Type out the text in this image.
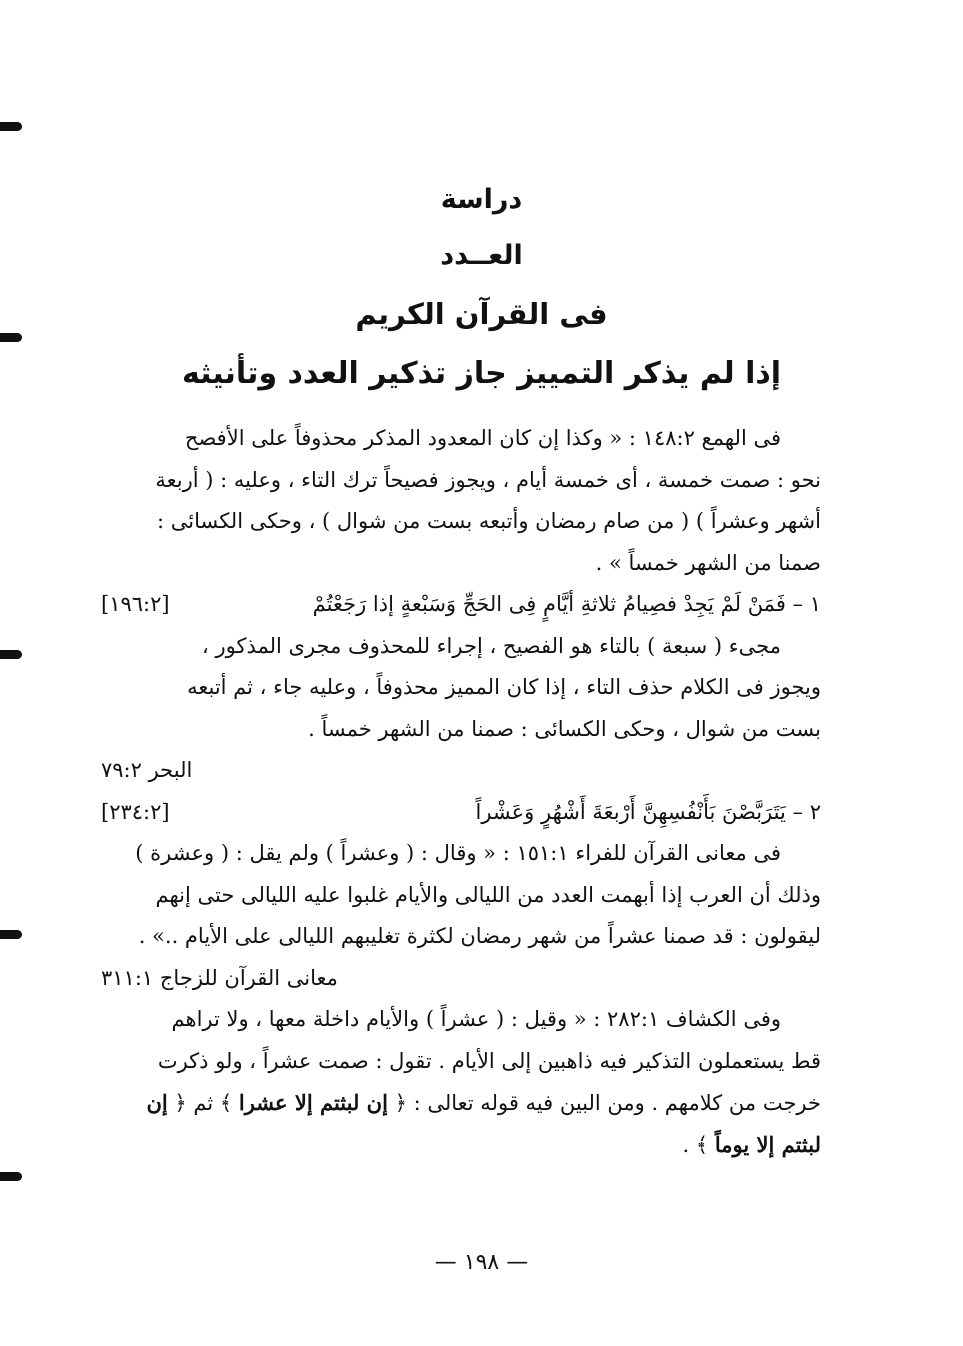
دراسة
العــدد
فى القرآن الكريم
إذا لم يذكر التمييز جاز تذكير العدد وتأنيثه
فى الهمع ١٤٨:٢ : « وكذا إن كان المعدود المذكر محذوفاً على الأفصح
نحو : صمت خمسة ، أى خمسة أيام ، ويجوز فصيحاً ترك التاء ، وعليه : ( أربعة
أشهر وعشراً ) ( من صام رمضان وأتبعه بست من شوال ) ، وحكى الكسائى :
صمنا من الشهر خمساً » .
١ – فَمَنْ لَمْ يَجِدْ فصِيامُ ثلاثةِ أيَّامٍ فِى الحَجِّ وَسَبْعةٍ إذا رَجَعْتُمْ
[١٩٦:٢]
مجىء ( سبعة ) بالتاء هو الفصيح ، إجراء للمحذوف مجرى المذكور ،
ويجوز فى الكلام حذف التاء ، إذا كان المميز محذوفاً ، وعليه جاء ، ثم أتبعه
بست من شوال ، وحكى الكسائى : صمنا من الشهر خمساً .
البحر ٧٩:٢
٢ – يَتَرَبَّصْنَ بَأَنْفُسِهِنَّ أَرْبعَةَ أَشْهُرٍ وَعَشْراً
[٢٣٤:٢]
فى معانى القرآن للفراء ١٥١:١ : « وقال : ( وعشراً ) ولم يقل : ( وعشرة )
وذلك أن العرب إذا أبهمت العدد من الليالى والأيام غلبوا عليه الليالى حتى إنهم
ليقولون : قد صمنا عشراً من شهر رمضان لكثرة تغليبهم الليالى على الأيام ..» .
معانى القرآن للزجاج ٣١١:١
وفى الكشاف ٢٨٢:١ : « وقيل : ( عشراً ) والأيام داخلة معها ، ولا تراهم
قط يستعملون التذكير فيه ذاهبين إلى الأيام . تقول : صمت عشراً ، ولو ذكرت
خرجت من كلامهم . ومن البين فيه قوله تعالى : ﴿ إن لبثتم إلا عشرا ﴾ ثم ﴿ إن
لبثتم إلا يوماً ﴾ .
— ١٩٨ —
